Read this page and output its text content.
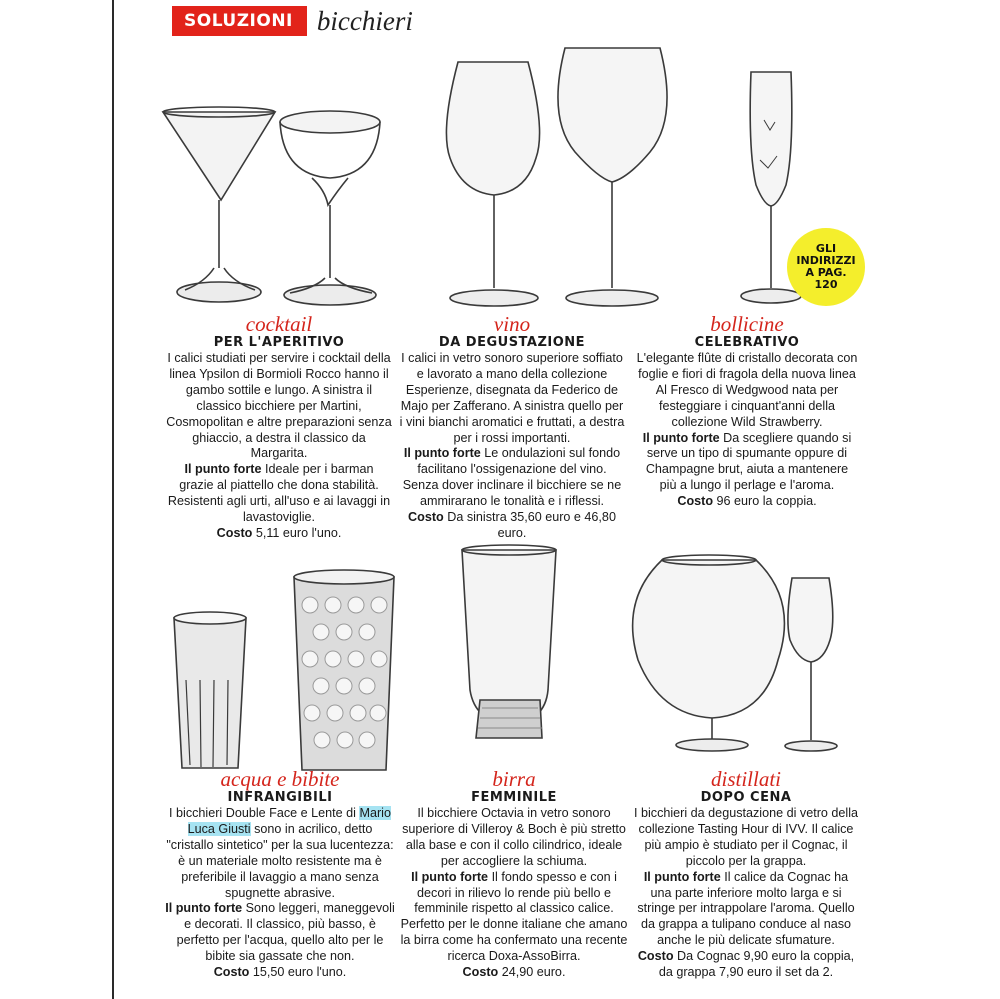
SOLUZIONI bicchieri
GLI INDIRIZZI A PAG. 120
cocktail
PER L'APERITIVO
I calici studiati per servire i cocktail della linea Ypsilon di Bormioli Rocco hanno il gambo sottile e lungo. A sinistra il classico bicchiere per Martini, Cosmopolitan e altre preparazioni senza ghiaccio, a destra il classico da Margarita.
Il punto forte Ideale per i barman grazie al piattello che dona stabilità. Resistenti agli urti, all'uso e ai lavaggi in lavastoviglie.
Costo 5,11 euro l'uno.
vino
DA DEGUSTAZIONE
I calici in vetro sonoro superiore soffiato e lavorato a mano della collezione Esperienze, disegnata da Federico de Majo per Zafferano. A sinistra quello per i vini bianchi aromatici e fruttati, a destra per i rossi importanti.
Il punto forte Le ondulazioni sul fondo facilitano l'ossigenazione del vino. Senza dover inclinare il bicchiere se ne ammirarano le tonalità e i riflessi.
Costo Da sinistra 35,60 euro e 46,80 euro.
bollicine
CELEBRATIVO
L'elegante flûte di cristallo decorata con foglie e fiori di fragola della nuova linea Al Fresco di Wedgwood nata per festeggiare i cinquant'anni della collezione Wild Strawberry.
Il punto forte Da scegliere quando si serve un tipo di spumante oppure di Champagne brut, aiuta a mantenere più a lungo il perlage e l'aroma.
Costo 96 euro la coppia.
acqua e bibite
INFRANGIBILI
I bicchieri Double Face e Lente di Mario Luca Giusti sono in acrilico, detto "cristallo sintetico" per la sua lucentezza: è un materiale molto resistente ma è preferibile il lavaggio a mano senza spugnette abrasive.
Il punto forte Sono leggeri, maneggevoli e decorati. Il classico, più basso, è perfetto per l'acqua, quello alto per le bibite sia gassate che non.
Costo 15,50 euro l'uno.
birra
FEMMINILE
Il bicchiere Octavia in vetro sonoro superiore di Villeroy & Boch è più stretto alla base e con il collo cilindrico, ideale per accogliere la schiuma.
Il punto forte Il fondo spesso e con i decori in rilievo lo rende più bello e femminile rispetto al classico calice. Perfetto per le donne italiane che amano la birra come ha confermato una recente ricerca Doxa-AssoBirra.
Costo 24,90 euro.
distillati
DOPO CENA
I bicchieri da degustazione di vetro della collezione Tasting Hour di IVV. Il calice più ampio è studiato per il Cognac, il piccolo per la grappa.
Il punto forte Il calice da Cognac ha una parte inferiore molto larga e si stringe per intrappolare l'aroma. Quello da grappa a tulipano conduce al naso anche le più delicate sfumature.
Costo Da Cognac 9,90 euro la coppia, da grappa 7,90 euro il set da 2.
